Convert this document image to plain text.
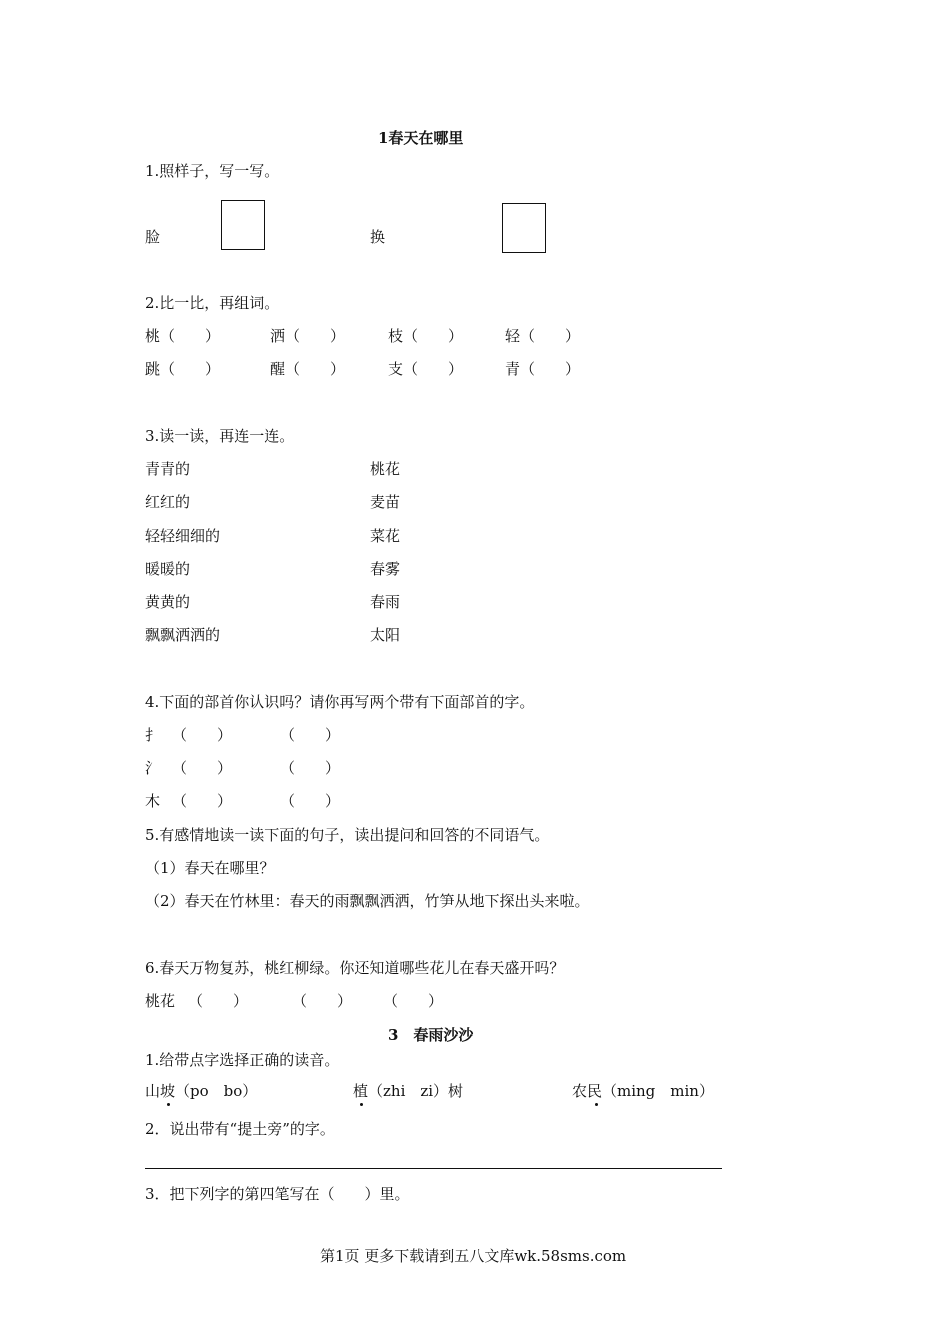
1春天在哪里
1.照样子，写一写。
脸	换
2.比一比，再组词。
桃（　　）	洒（　　）	枝（　　）	轻（　　）
跳（　　）	醒（　　）	支（　　）	青（　　）
3.读一读，再连一连。
青青的	桃花
红红的	麦苗
轻轻细细的	菜花
暖暖的	春雾
黄黄的	春雨
飘飘洒洒的	太阳
4.下面的部首你认识吗？请你再写两个带有下面部首的字。
扌 （　　）	（　　）
氵 （　　）	（　　）
木 （　　）	（　　）
5.有感情地读一读下面的句子，读出提问和回答的不同语气。
（1）春天在哪里？
（2）春天在竹林里：春天的雨飘飘洒洒，竹笋从地下探出头来啦。
6.春天万物复苏，桃红柳绿。你还知道哪些花儿在春天盛开吗？
桃花 （　　）	（　　） （　　）
3　春雨沙沙
1.给带点字选择正确的读音。
山坡（po　bo）	植（zhi　zi）树	农民（ming　min）
2．说出带有“提土旁”的字。
3．把下列字的第四笔写在（　　）里。
第1页 更多下载请到五八文库wk.58sms.com
